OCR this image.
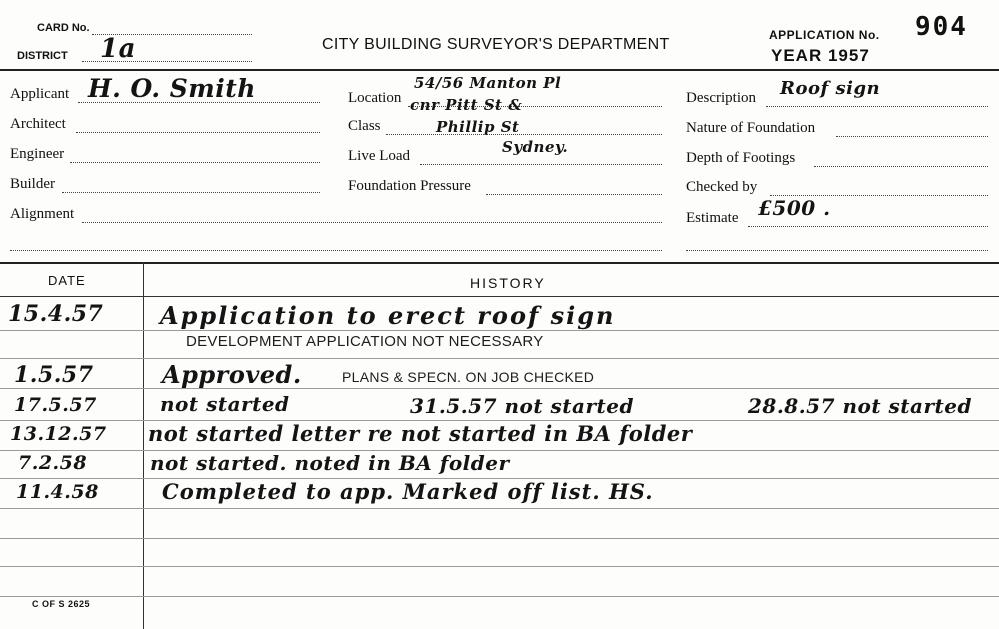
CARD No.
DISTRICT 1a	CITY BUILDING SURVEYOR'S DEPARTMENT
APPLICATION No. 904
YEAR 1957
Applicant H. O. Smith
Architect
Engineer
Builder
Alignment
Location
54/56 Manton Pl
cnr Pitt St &
Phillip St
Sydney.
Class
Live Load
Foundation Pressure
Description Roof sign
Nature of Foundation
Depth of Footings
Checked by
Estimate £500 .
DATE	HISTORY
15.4.57 Application to erect roof sign
DEVELOPMENT APPLICATION NOT NECESSARY
1.5.57	Approved.	PLANS & SPECN. ON JOB CHECKED
17.5.57	not started	31.5.57 not started	28.8.57 not started
13.12.57 not started letter re not started in BA folder
7.2.58	not started. noted in BA folder
11.4.58	Completed to app. Marked off list. HS.
C OF S 2625
